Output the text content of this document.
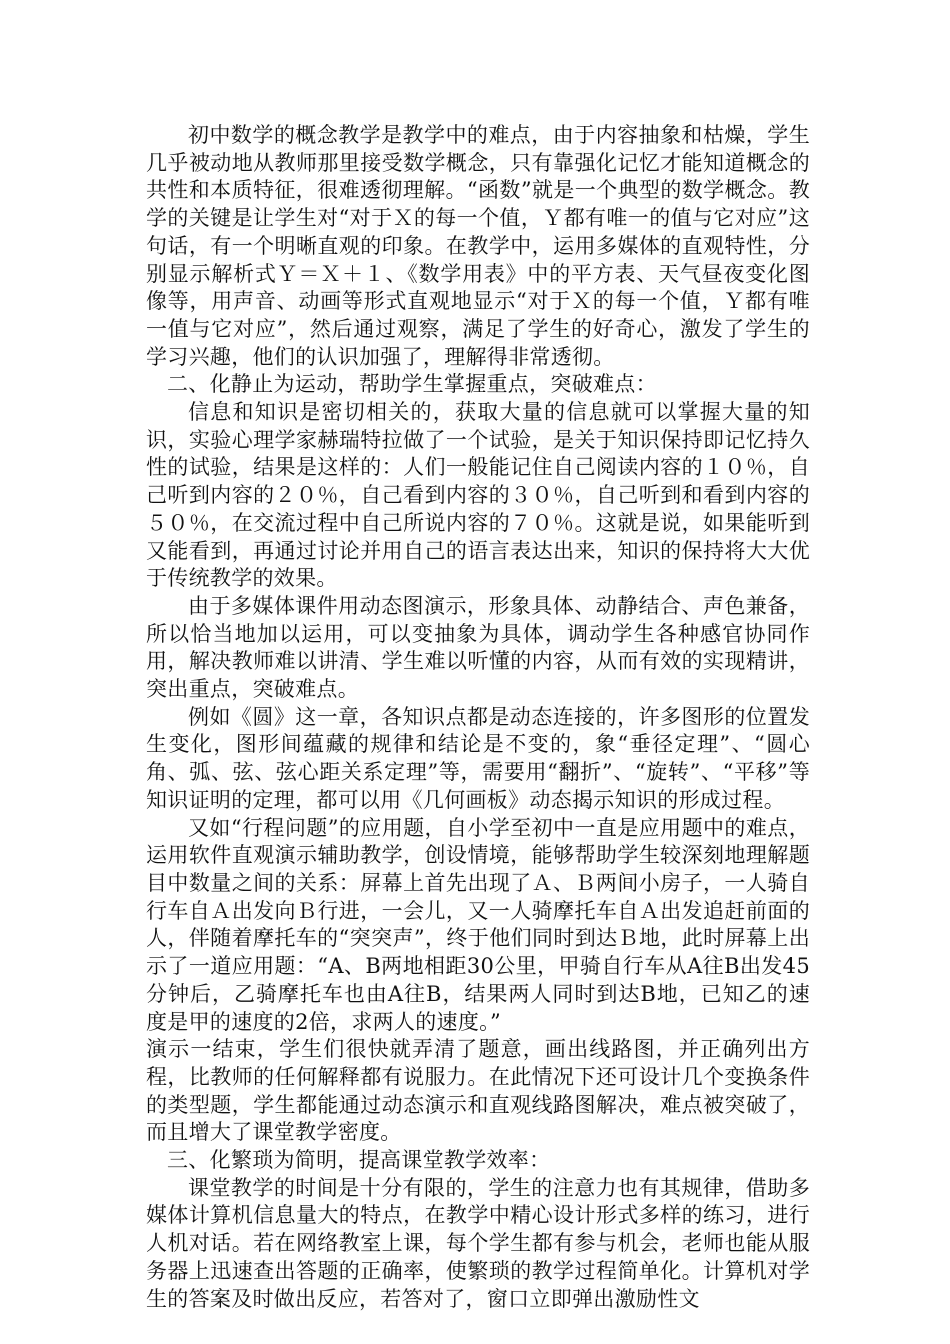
初中数学的概念教学是教学中的难点，由于内容抽象和枯燥，学生几乎被动地从教师那里接受数学概念，只有靠强化记忆才能知道概念的共性和本质特征，很难透彻理解。“函数”就是一个典型的数学概念。教学的关键是让学生对“对于Ｘ的每一个值，Ｙ都有唯一的值与它对应”这句话，有一个明晰直观的印象。在教学中，运用多媒体的直观特性，分别显示解析式Ｙ＝Ｘ＋１、《数学用表》中的平方表、天气昼夜变化图像等，用声音、动画等形式直观地显示“对于Ｘ的每一个值，Ｙ都有唯一值与它对应”，然后通过观察，满足了学生的好奇心，激发了学生的学习兴趣，他们的认识加强了，理解得非常透彻。

二、化静止为运动，帮助学生掌握重点，突破难点：

信息和知识是密切相关的，获取大量的信息就可以掌握大量的知识，实验心理学家赫瑞特拉做了一个试验，是关于知识保持即记忆持久性的试验，结果是这样的：人们一般能记住自己阅读内容的１０％，自己听到内容的２０％，自己看到内容的３０％，自己听到和看到内容的５０％，在交流过程中自己所说内容的７０％。这就是说，如果能听到又能看到，再通过讨论并用自己的语言表达出来，知识的保持将大大优于传统教学的效果。

由于多媒体课件用动态图演示，形象具体、动静结合、声色兼备，所以恰当地加以运用，可以变抽象为具体，调动学生各种感官协同作用，解决教师难以讲清、学生难以听懂的内容，从而有效的实现精讲，突出重点，突破难点。

例如《圆》这一章，各知识点都是动态连接的，许多图形的位置发生变化，图形间蕴藏的规律和结论是不变的，象“垂径定理”、“圆心角、弧、弦、弦心距关系定理”等，需要用“翻折”、“旋转”、“平移”等知识证明的定理，都可以用《几何画板》动态揭示知识的形成过程。

又如“行程问题”的应用题，自小学至初中一直是应用题中的难点，运用软件直观演示辅助教学，创设情境，能够帮助学生较深刻地理解题目中数量之间的关系：屏幕上首先出现了Ａ、Ｂ两间小房子，一人骑自行车自Ａ出发向Ｂ行进，一会儿，又一人骑摩托车自Ａ出发追赶前面的人，伴随着摩托车的“突突声”，终于他们同时到达Ｂ地，此时屏幕上出示了一道应用题：“A、B两地相距30公里，甲骑自行车从A往B出发45分钟后，乙骑摩托车也由A往B，结果两人同时到达B地，已知乙的速度是甲的速度的2倍，求两人的速度。”

演示一结束，学生们很快就弄清了题意，画出线路图，并正确列出方程，比教师的任何解释都有说服力。在此情况下还可设计几个变换条件的类型题，学生都能通过动态演示和直观线路图解决，难点被突破了，而且增大了课堂教学密度。

三、化繁琐为简明，提高课堂教学效率：

课堂教学的时间是十分有限的，学生的注意力也有其规律，借助多媒体计算机信息量大的特点，在教学中精心设计形式多样的练习，进行人机对话。若在网络教室上课，每个学生都有参与机会，老师也能从服务器上迅速查出答题的正确率，使繁琐的教学过程简单化。计算机对学生的答案及时做出反应，若答对了，窗口立即弹出激励性文
